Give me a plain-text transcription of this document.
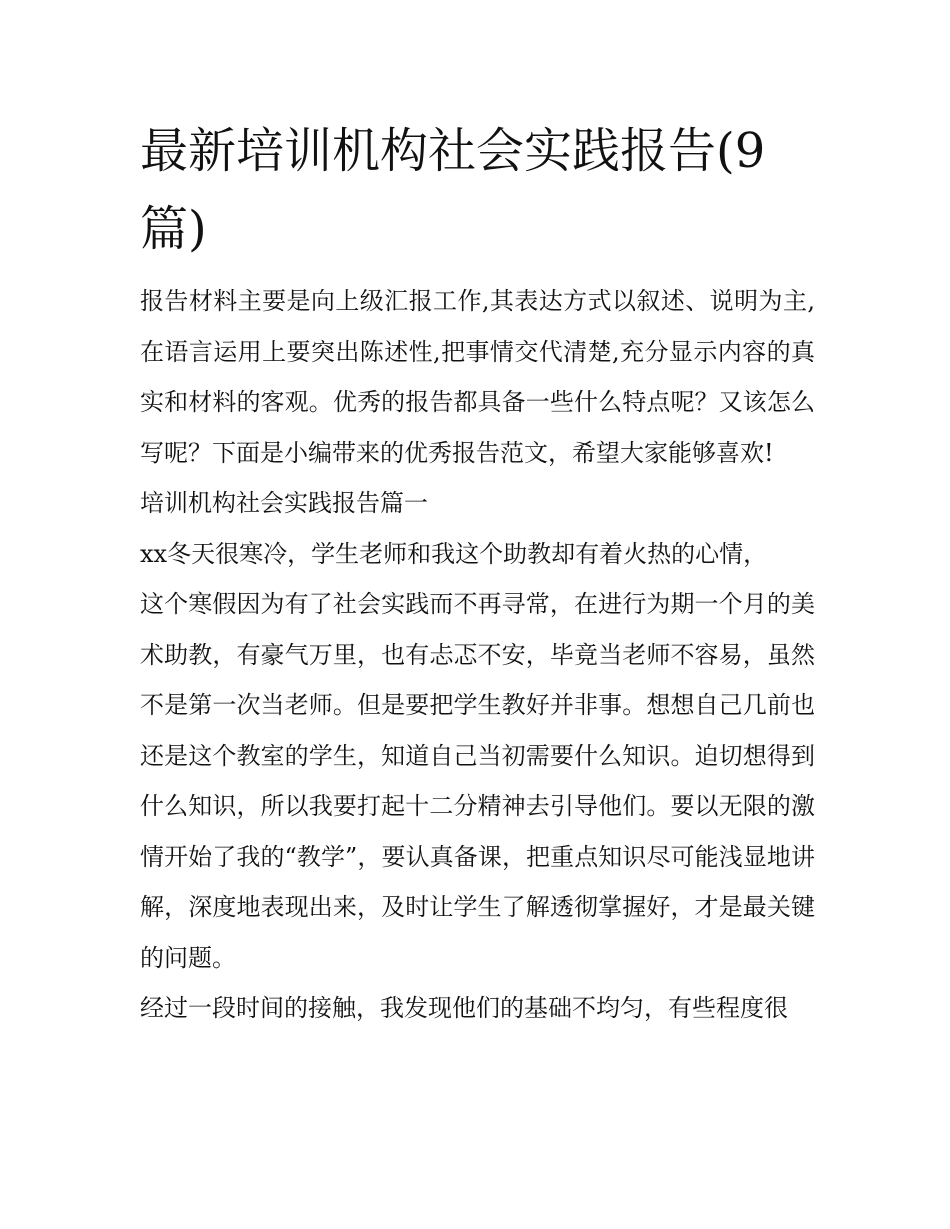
最新培训机构社会实践报告(9篇)

报告材料主要是向上级汇报工作,其表达方式以叙述、说明为主,在语言运用上要突出陈述性,把事情交代清楚,充分显示内容的真实和材料的客观。优秀的报告都具备一些什么特点呢？又该怎么写呢？下面是小编带来的优秀报告范文，希望大家能够喜欢!

培训机构社会实践报告篇一

xx冬天很寒冷，学生老师和我这个助教却有着火热的心情，

这个寒假因为有了社会实践而不再寻常，在进行为期一个月的美术助教，有豪气万里，也有忐忑不安，毕竟当老师不容易，虽然不是第一次当老师。但是要把学生教好并非事。想想自己几前也还是这个教室的学生，知道自己当初需要什么知识。迫切想得到什么知识，所以我要打起十二分精神去引导他们。要以无限的激情开始了我的“教学”，要认真备课，把重点知识尽可能浅显地讲解，深度地表现出来，及时让学生了解透彻掌握好，才是最关键的问题。

经过一段时间的接触，我发现他们的基础不均匀，有些程度很
